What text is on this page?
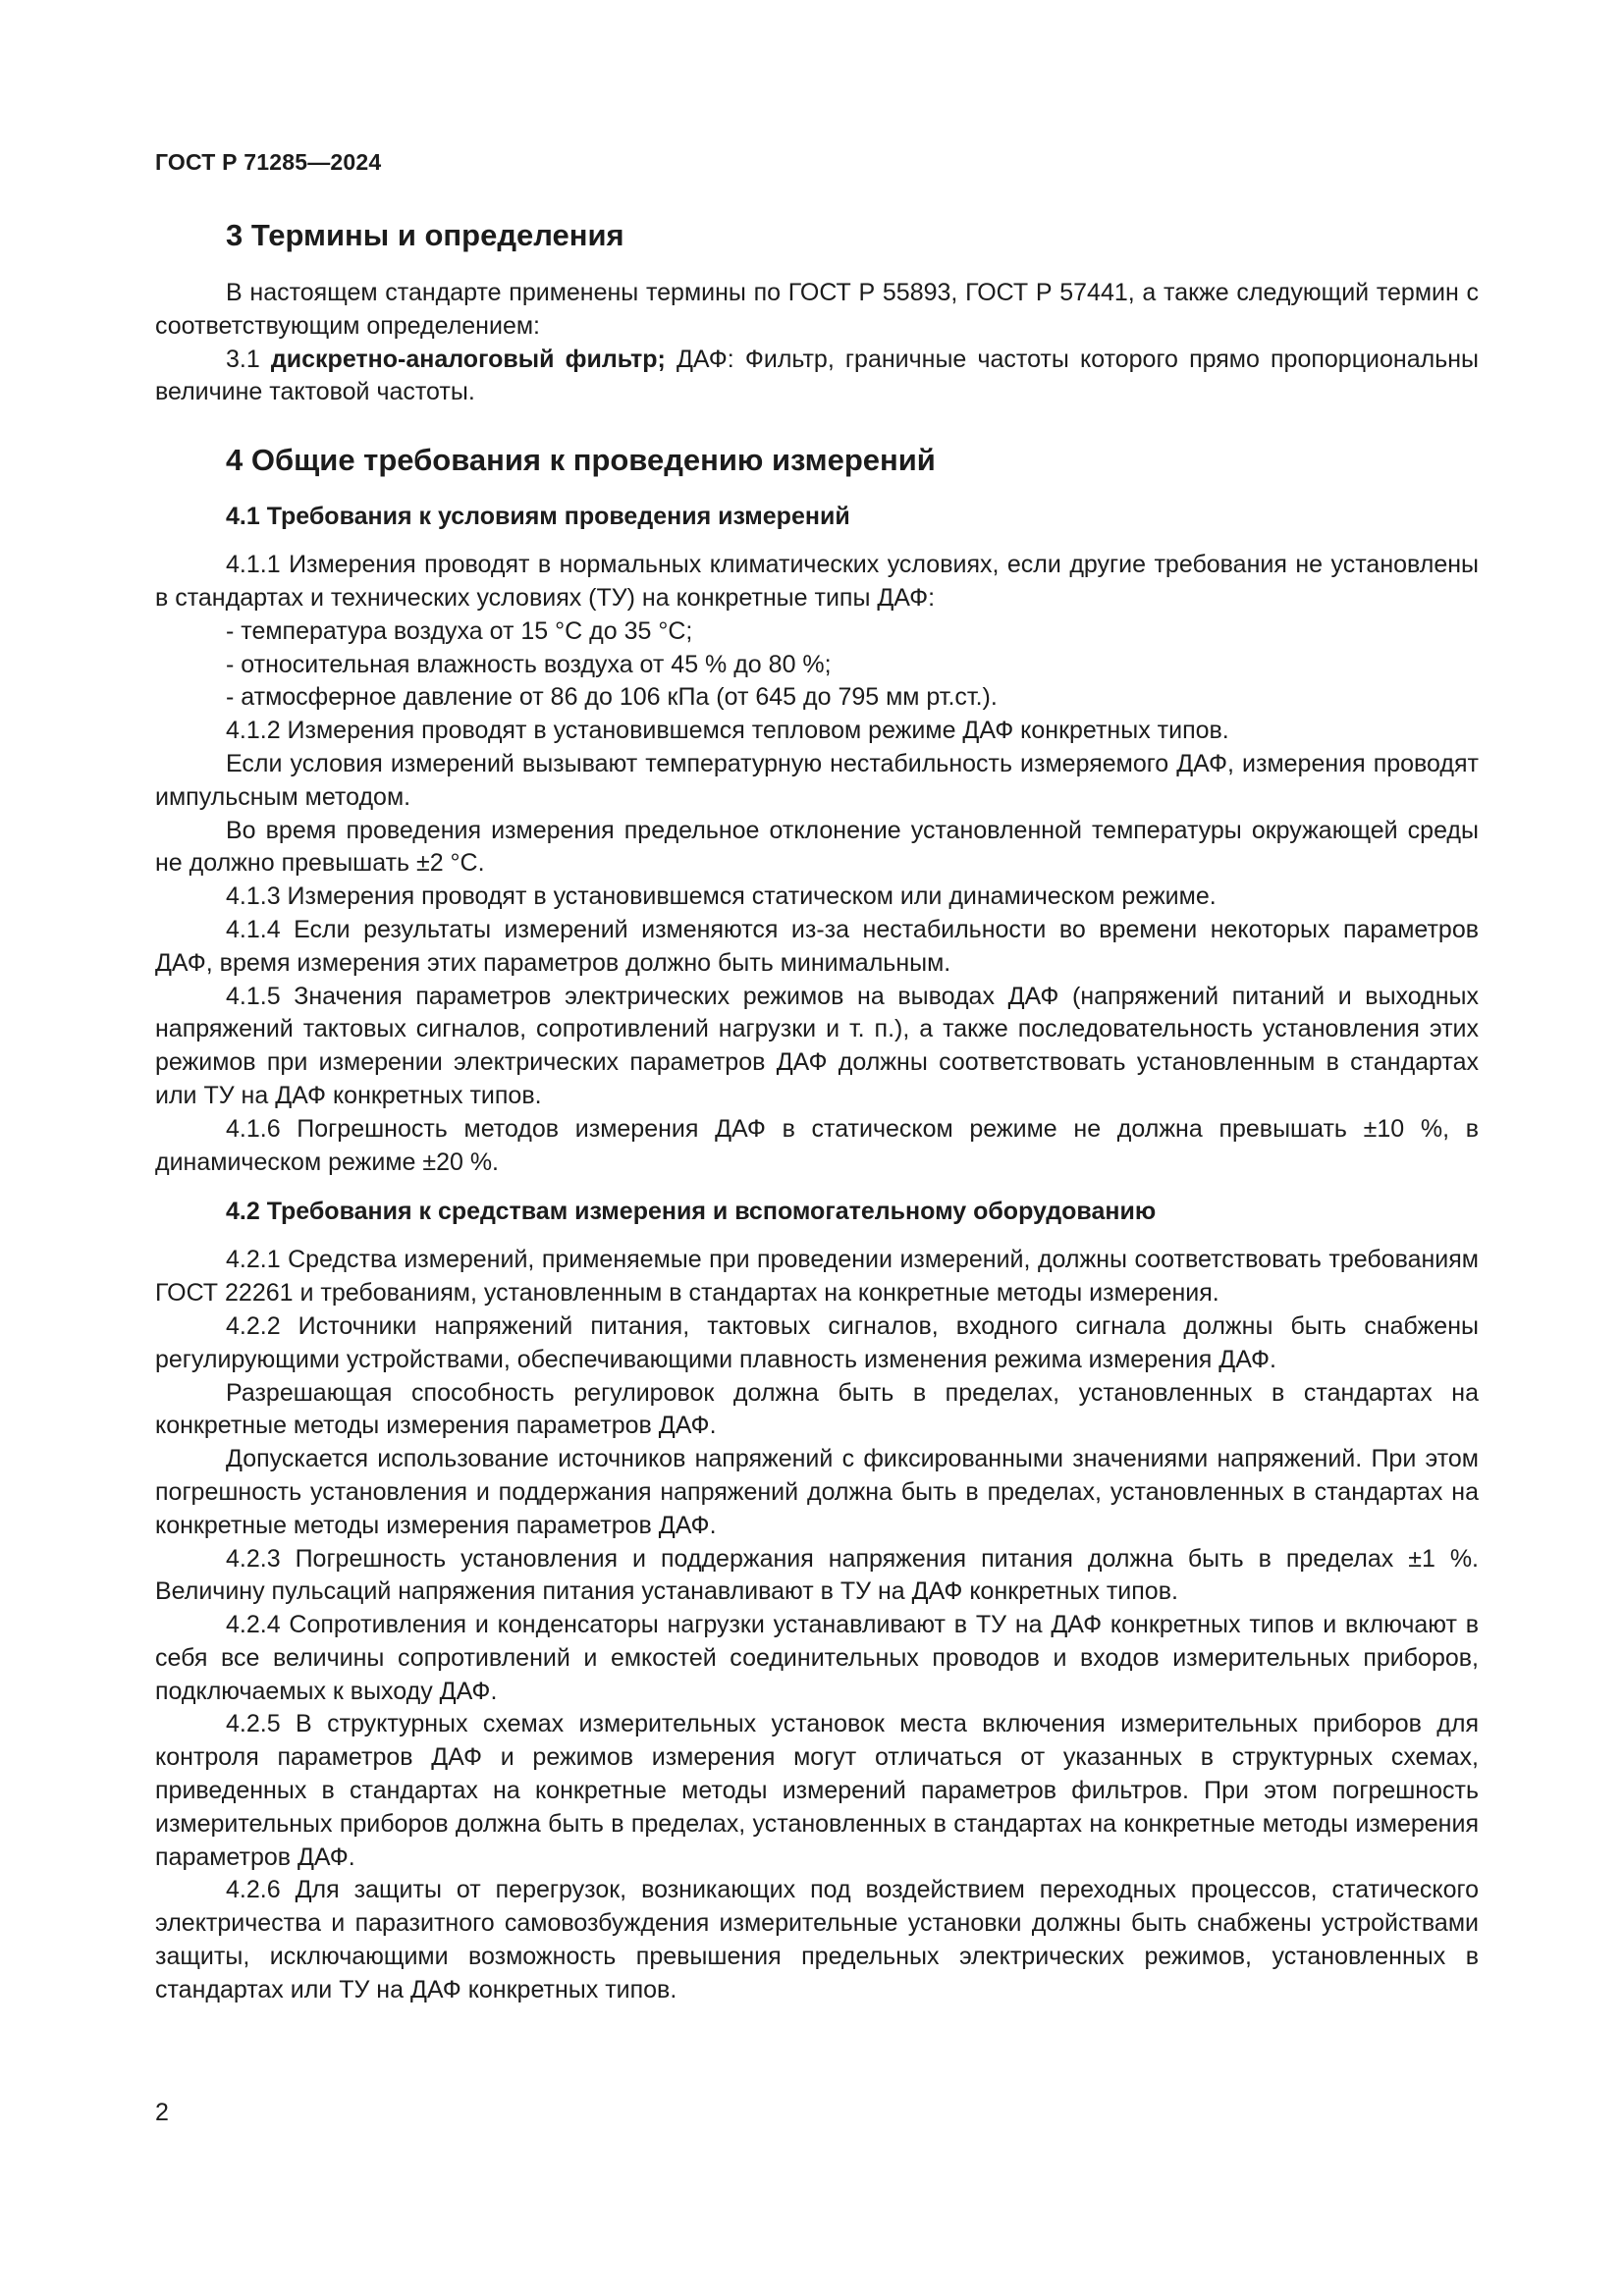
ГОСТ Р 71285—2024
3 Термины и определения

В настоящем стандарте применены термины по ГОСТ Р 55893, ГОСТ Р 57441, а также следующий термин с соответствующим определением:

3.1 дискретно-аналоговый фильтр; ДАФ: Фильтр, граничные частоты которого прямо пропорциональны величине тактовой частоты.

4 Общие требования к проведению измерений
4.1 Требования к условиям проведения измерений

4.1.1 Измерения проводят в нормальных климатических условиях, если другие требования не установлены в стандартах и технических условиях (ТУ) на конкретные типы ДАФ:

- температура воздуха от 15 °С до 35 °С;

- относительная влажность воздуха от 45 % до 80 %;

- атмосферное давление от 86 до 106 кПа (от 645 до 795 мм рт.ст.).

4.1.2 Измерения проводят в установившемся тепловом режиме ДАФ конкретных типов.

Если условия измерений вызывают температурную нестабильность измеряемого ДАФ, измерения проводят импульсным методом.

Во время проведения измерения предельное отклонение установленной температуры окружающей среды не должно превышать ±2 °С.

4.1.3 Измерения проводят в установившемся статическом или динамическом режиме.

4.1.4 Если результаты измерений изменяются из-за нестабильности во времени некоторых параметров ДАФ, время измерения этих параметров должно быть минимальным.

4.1.5 Значения параметров электрических режимов на выводах ДАФ (напряжений питаний и выходных напряжений тактовых сигналов, сопротивлений нагрузки и т. п.), а также последовательность установления этих режимов при измерении электрических параметров ДАФ должны соответствовать установленным в стандартах или ТУ на ДАФ конкретных типов.

4.1.6 Погрешность методов измерения ДАФ в статическом режиме не должна превышать ±10 %, в динамическом режиме ±20 %.

4.2 Требования к средствам измерения и вспомогательному оборудованию

4.2.1 Средства измерений, применяемые при проведении измерений, должны соответствовать требованиям ГОСТ 22261 и требованиям, установленным в стандартах на конкретные методы измерения.

4.2.2 Источники напряжений питания, тактовых сигналов, входного сигнала должны быть снабжены регулирующими устройствами, обеспечивающими плавность изменения режима измерения ДАФ.

Разрешающая способность регулировок должна быть в пределах, установленных в стандартах на конкретные методы измерения параметров ДАФ.

Допускается использование источников напряжений с фиксированными значениями напряжений. При этом погрешность установления и поддержания напряжений должна быть в пределах, установленных в стандартах на конкретные методы измерения параметров ДАФ.

4.2.3 Погрешность установления и поддержания напряжения питания должна быть в пределах ±1 %. Величину пульсаций напряжения питания устанавливают в ТУ на ДАФ конкретных типов.

4.2.4 Сопротивления и конденсаторы нагрузки устанавливают в ТУ на ДАФ конкретных типов и включают в себя все величины сопротивлений и емкостей соединительных проводов и входов измерительных приборов, подключаемых к выходу ДАФ.

4.2.5 В структурных схемах измерительных установок места включения измерительных приборов для контроля параметров ДАФ и режимов измерения могут отличаться от указанных в структурных схемах, приведенных в стандартах на конкретные методы измерений параметров фильтров. При этом погрешность измерительных приборов должна быть в пределах, установленных в стандартах на конкретные методы измерения параметров ДАФ.

4.2.6 Для защиты от перегрузок, возникающих под воздействием переходных процессов, статического электричества и паразитного самовозбуждения измерительные установки должны быть снабжены устройствами защиты, исключающими возможность превышения предельных электрических режимов, установленных в стандартах или ТУ на ДАФ конкретных типов.

2
